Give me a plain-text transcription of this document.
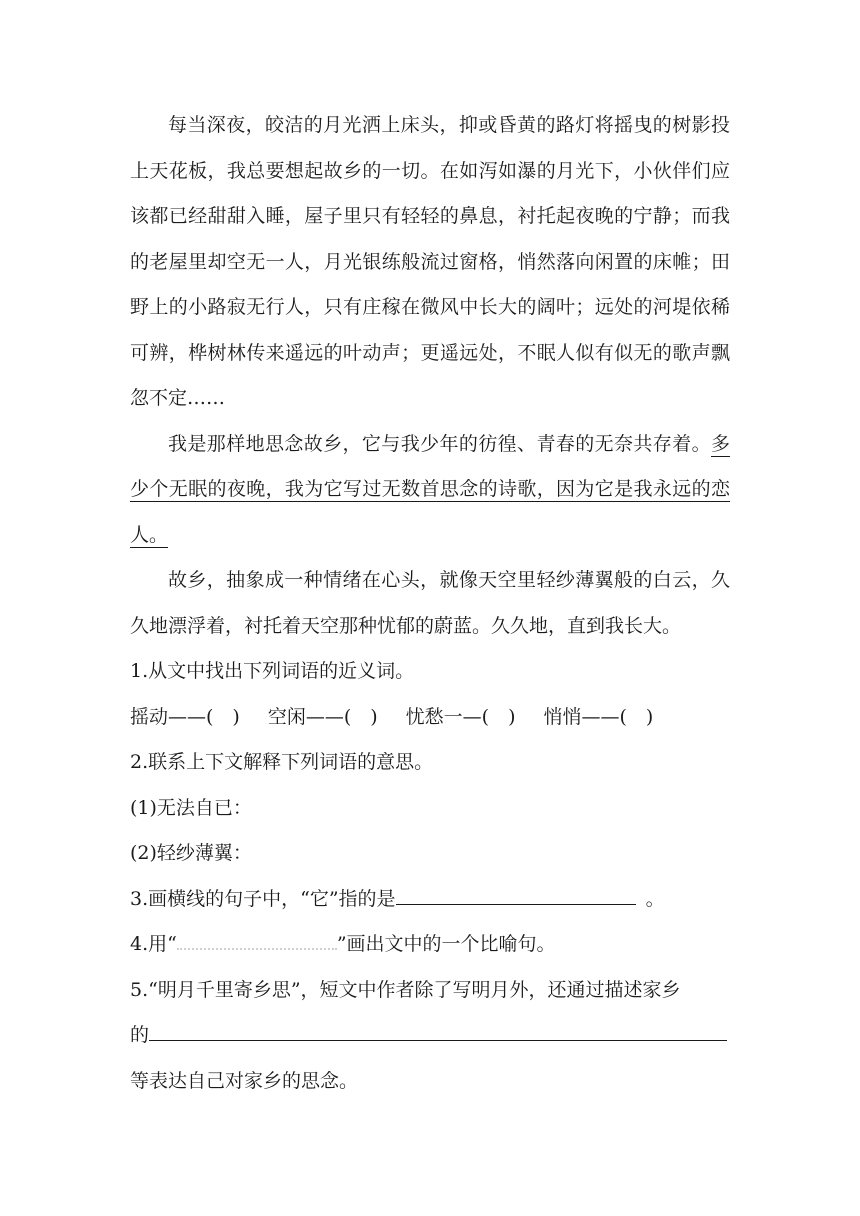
每当深夜，皎洁的月光洒上床头，抑或昏黄的路灯将摇曳的树影投上天花板，我总要想起故乡的一切。在如泻如瀑的月光下，小伙伴们应该都已经甜甜入睡，屋子里只有轻轻的鼻息，衬托起夜晚的宁静；而我的老屋里却空无一人，月光银练般流过窗格，悄然落向闲置的床帷；田野上的小路寂无行人，只有庄稼在微风中长大的阔叶；远处的河堤依稀可辨，桦树林传来遥远的叶动声；更遥远处，不眠人似有似无的歌声飘忽不定……

我是那样地思念故乡，它与我少年的彷徨、青春的无奈共存着。多少个无眠的夜晚，我为它写过无数首思念的诗歌，因为它是我永远的恋人。

故乡，抽象成一种情绪在心头，就像天空里轻纱薄翼般的白云，久久地漂浮着，衬托着天空那种忧郁的蔚蓝。久久地，直到我长大。

1.从文中找出下列词语的近义词。

摇动——(　) 空闲——(　) 忧愁一—(　) 悄悄——(　)

2.联系上下文解释下列词语的意思。

(1)无法自已：

(2)轻纱薄翼：

3.画横线的句子中，“它”指的是	。

4.用“	”画出文中的一个比喻句。

5.“明月千里寄乡思”，短文中作者除了写明月外，还通过描述家乡

的

等表达自己对家乡的思念。
